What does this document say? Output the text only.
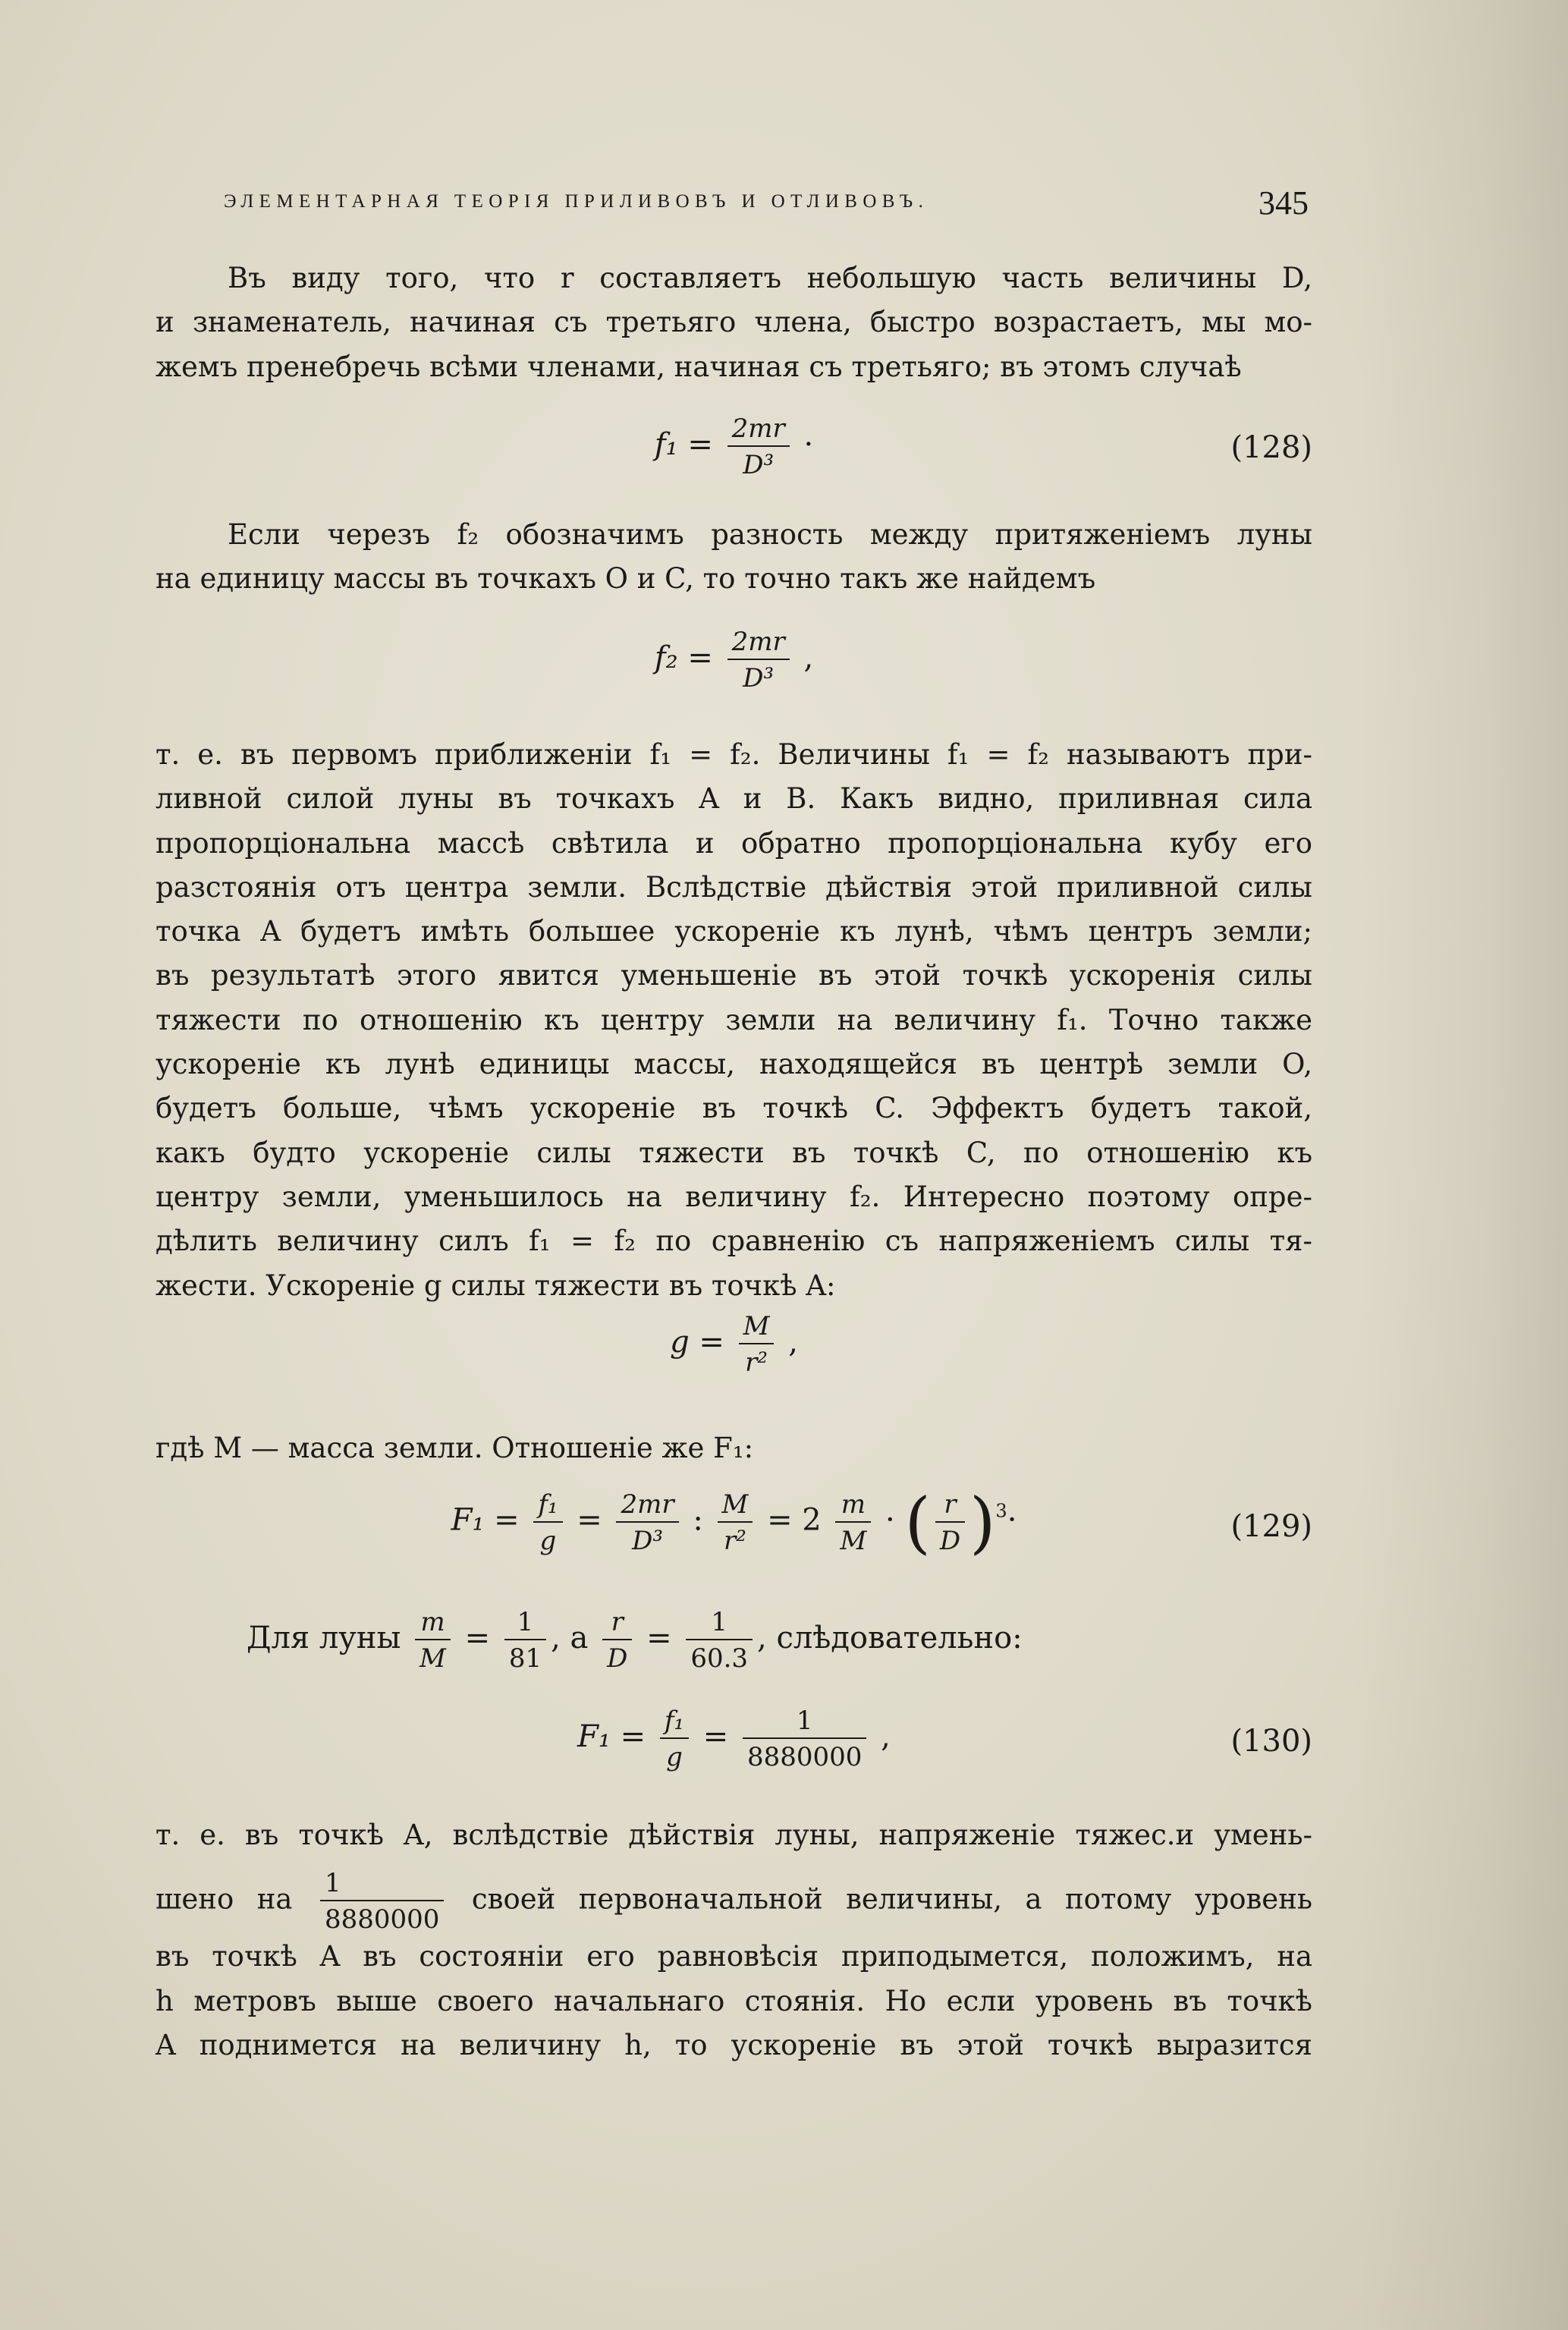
ЭЛЕМЕНТАРНАЯ ТЕОРІЯ ПРИЛИВОВЪ И ОТЛИВОВЪ.	345
Въ виду того, что r составляетъ небольшую часть величины D,
и знаменатель, начиная съ третьяго члена, быстро возрастаетъ, мы мо-
жемъ пренебречь всѣми членами, начиная съ третьяго; въ этомъ случаѣ
$f_1 = \frac{2mr}{\text{D³}}$ ·	(128)
Если черезъ f₂ обозначимъ разность между притяженіемъ луны
на единицу массы въ точкахъ O и C, то точно такъ же найдемъ
$f_2 = \frac{2mr}{\text{D³}}$ ,
т. е. въ первомъ приближеніи f₁ = f₂. Величины f₁ = f₂ называютъ при-
ливной силой луны въ точкахъ A и B. Какъ видно, приливная сила
пропорціональна массѣ свѣтила и обратно пропорціональна кубу его
разстоянія отъ центра земли. Вслѣдствіе дѣйствія этой приливной силы
точка A будетъ имѣть большее ускореніе къ лунѣ, чѣмъ центръ земли;
въ результатѣ этого явится уменьшеніе въ этой точкѣ ускоренія силы
тяжести по отношенію къ центру земли на величину f₁. Точно также
ускореніе къ лунѣ единицы массы, находящейся въ центрѣ земли O,
будетъ больше, чѣмъ ускореніе въ точкѣ C. Эффектъ будетъ такой,
какъ будто ускореніе силы тяжести въ точкѣ C, по отношенію къ
центру земли, уменьшилось на величину f₂. Интересно поэтому опре-
дѣлить величину силъ f₁ = f₂ по сравненію съ напряженіемъ силы тя-
жести. Ускореніе g силы тяжести въ точкѣ A:
$g = \frac{M}{\text{r²}}$ ,
гдѣ M — масса земли. Отношеніе же F₁:
$F_1 = \frac{\text{f₁}}{g} = \frac{2mr}{\text{D³}}$ : $\frac{M}{\text{r²}} = 2 \frac{m}{M}$ · ( $\frac{r}{D} )^3\cdot$	(129)
Для луны $\frac{m}{M} = \frac{1}{81}$ , а $\frac{r}{D} = \frac{1}{60.3}$ , слѣдовательно:
$F_1 = \frac{\text{f₁}}{g} = \frac{1}{8880000}$ ,	(130)
т. е. въ точкѣ A, вслѣдствіе дѣйствія луны, напряженіе тяжес.и умень-
шено на $\frac{1}{8880000}$ своей первоначальной величины, а потому уровень
въ точкѣ A въ состояніи его равновѣсія приподымется, положимъ, на
h метровъ выше своего начальнаго стоянія. Но если уровень въ точкѣ
A поднимется на величину h, то ускореніе въ этой точкѣ выразится
